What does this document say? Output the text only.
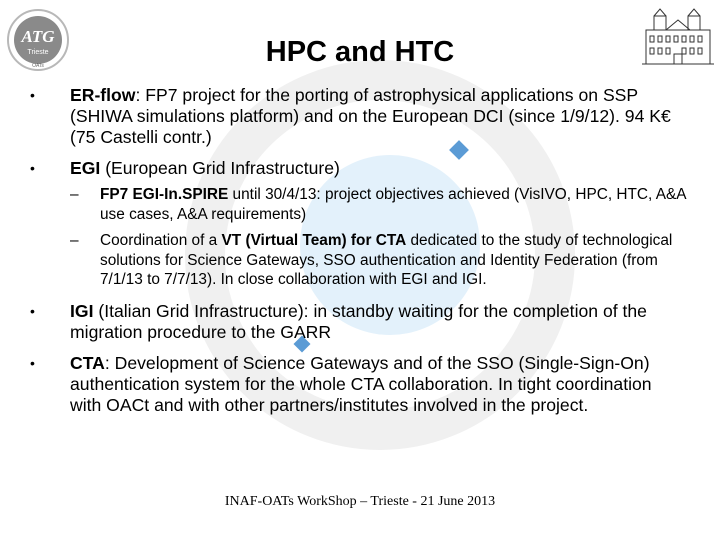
ATG
Trieste
OATs	HPC and HTC
• ER-flow: FP7 project for the porting of astrophysical applications on SSP (SHIWA simulations platform) and on the European DCI (since 1/9/12). 94 K€ (75 Castelli contr.)
• EGI (European Grid Infrastructure)
– FP7 EGI-In.SPIRE until 30/4/13: project objectives achieved (VisIVO, HPC, HTC, A&A use cases, A&A requirements)
– Coordination of a VT (Virtual Team) for CTA dedicated to the study of technological solutions for Science Gateways, SSO authentication and Identity Federation (from 7/1/13 to 7/7/13). In close collaboration with EGI and IGI.
• IGI (Italian Grid Infrastructure): in standby waiting for the completion of the migration procedure to the GARR
• CTA: Development of Science Gateways and of the SSO (Single-Sign-On) authentication system for the whole CTA collaboration. In tight coordination with OACt and with other partners/institutes involved in the project.
INAF-OATs WorkShop – Trieste - 21 June 2013
